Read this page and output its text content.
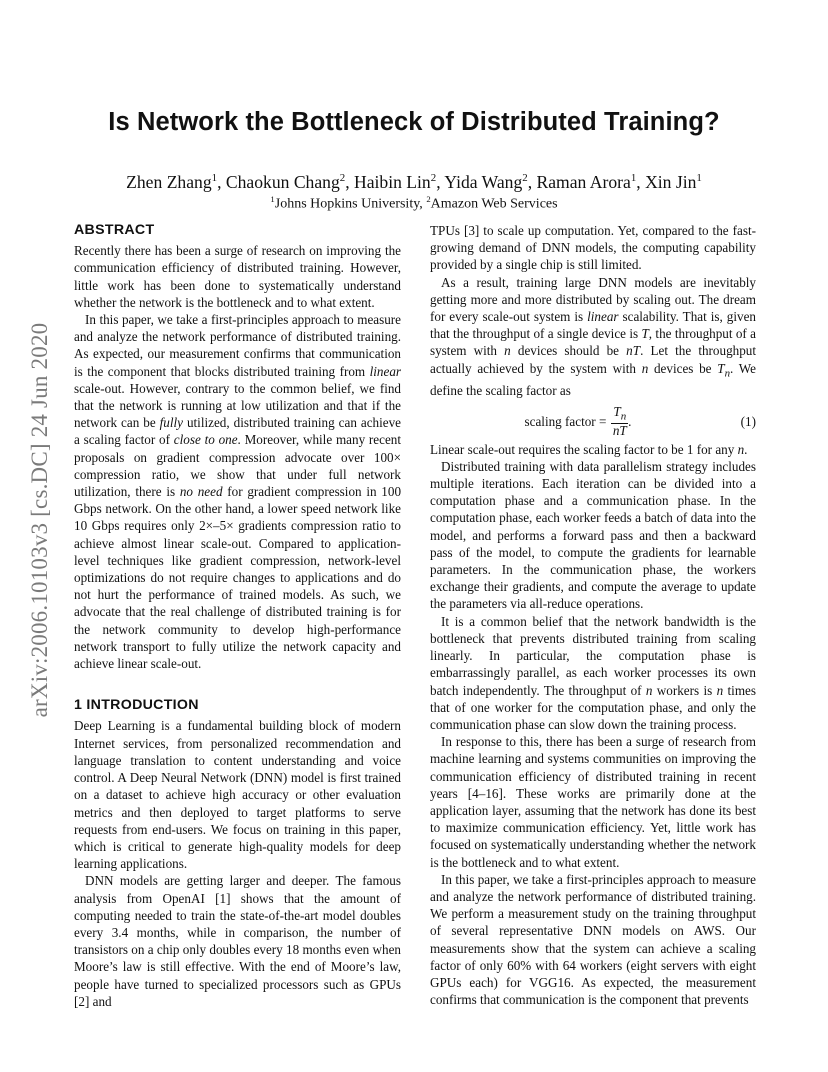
arXiv:2006.10103v3 [cs.DC] 24 Jun 2020
Is Network the Bottleneck of Distributed Training?
Zhen Zhang$^1$, Chaokun Chang$^2$, Haibin Lin$^2$, Yida Wang$^2$, Raman Arora$^1$, Xin Jin$^1$
$^1$Johns Hopkins University, $^2$Amazon Web Services
ABSTRACT

Recently there has been a surge of research on improving the communication efficiency of distributed training. However, little work has been done to systematically understand whether the network is the bottleneck and to what extent.

In this paper, we take a first-principles approach to measure and analyze the network performance of distributed training. As expected, our measurement confirms that communication is the component that blocks distributed training from linear scale-out. However, contrary to the common belief, we find that the network is running at low utilization and that if the network can be fully utilized, distributed training can achieve a scaling factor of close to one. Moreover, while many recent proposals on gradient compression advocate over 100× compression ratio, we show that under full network utilization, there is no need for gradient compression in 100 Gbps network. On the other hand, a lower speed network like 10 Gbps requires only 2×–5× gradients compression ratio to achieve almost linear scale-out. Compared to application-level techniques like gradient compression, network-level optimizations do not require changes to applications and do not hurt the performance of trained models. As such, we advocate that the real challenge of distributed training is for the network community to develop high-performance network transport to fully utilize the network capacity and achieve linear scale-out.

1 INTRODUCTION

Deep Learning is a fundamental building block of modern Internet services, from personalized recommendation and language translation to content understanding and voice control. A Deep Neural Network (DNN) model is first trained on a dataset to achieve high accuracy or other evaluation metrics and then deployed to target platforms to serve requests from end-users. We focus on training in this paper, which is critical to generate high-quality models for deep learning applications.

DNN models are getting larger and deeper. The famous analysis from OpenAI [1] shows that the amount of computing needed to train the state-of-the-art model doubles every 3.4 months, while in comparison, the number of transistors on a chip only doubles every 18 months even when Moore’s law is still effective. With the end of Moore’s law, people have turned to specialized processors such as GPUs [2] and

TPUs [3] to scale up computation. Yet, compared to the fast-growing demand of DNN models, the computing capability provided by a single chip is still limited.

As a result, training large DNN models are inevitably getting more and more distributed by scaling out. The dream for every scale-out system is linear scalability. That is, given that the throughput of a single device is T, the throughput of a system with n devices should be nT. Let the throughput actually achieved by the system with n devices be $T_n$. We define the scaling factor as

scaling factor = $\frac{T_n}{nT}$ .	(1)

Linear scale-out requires the scaling factor to be 1 for any n.

Distributed training with data parallelism strategy includes multiple iterations. Each iteration can be divided into a computation phase and a communication phase. In the computation phase, each worker feeds a batch of data into the model, and performs a forward pass and then a backward pass of the model, to compute the gradients for learnable parameters. In the communication phase, the workers exchange their gradients, and compute the average to update the parameters via all-reduce operations.

It is a common belief that the network bandwidth is the bottleneck that prevents distributed training from scaling linearly. In particular, the computation phase is embarrassingly parallel, as each worker processes its own batch independently. The throughput of n workers is n times that of one worker for the computation phase, and only the communication phase can slow down the training process.

In response to this, there has been a surge of research from machine learning and systems communities on improving the communication efficiency of distributed training in recent years [4–16]. These works are primarily done at the application layer, assuming that the network has done its best to maximize communication efficiency. Yet, little work has focused on systematically understanding whether the network is the bottleneck and to what extent.

In this paper, we take a first-principles approach to measure and analyze the network performance of distributed training. We perform a measurement study on the training throughput of several representative DNN models on AWS. Our measurements show that the system can achieve a scaling factor of only 60% with 64 workers (eight servers with eight GPUs each) for VGG16. As expected, the measurement confirms that communication is the component that prevents
